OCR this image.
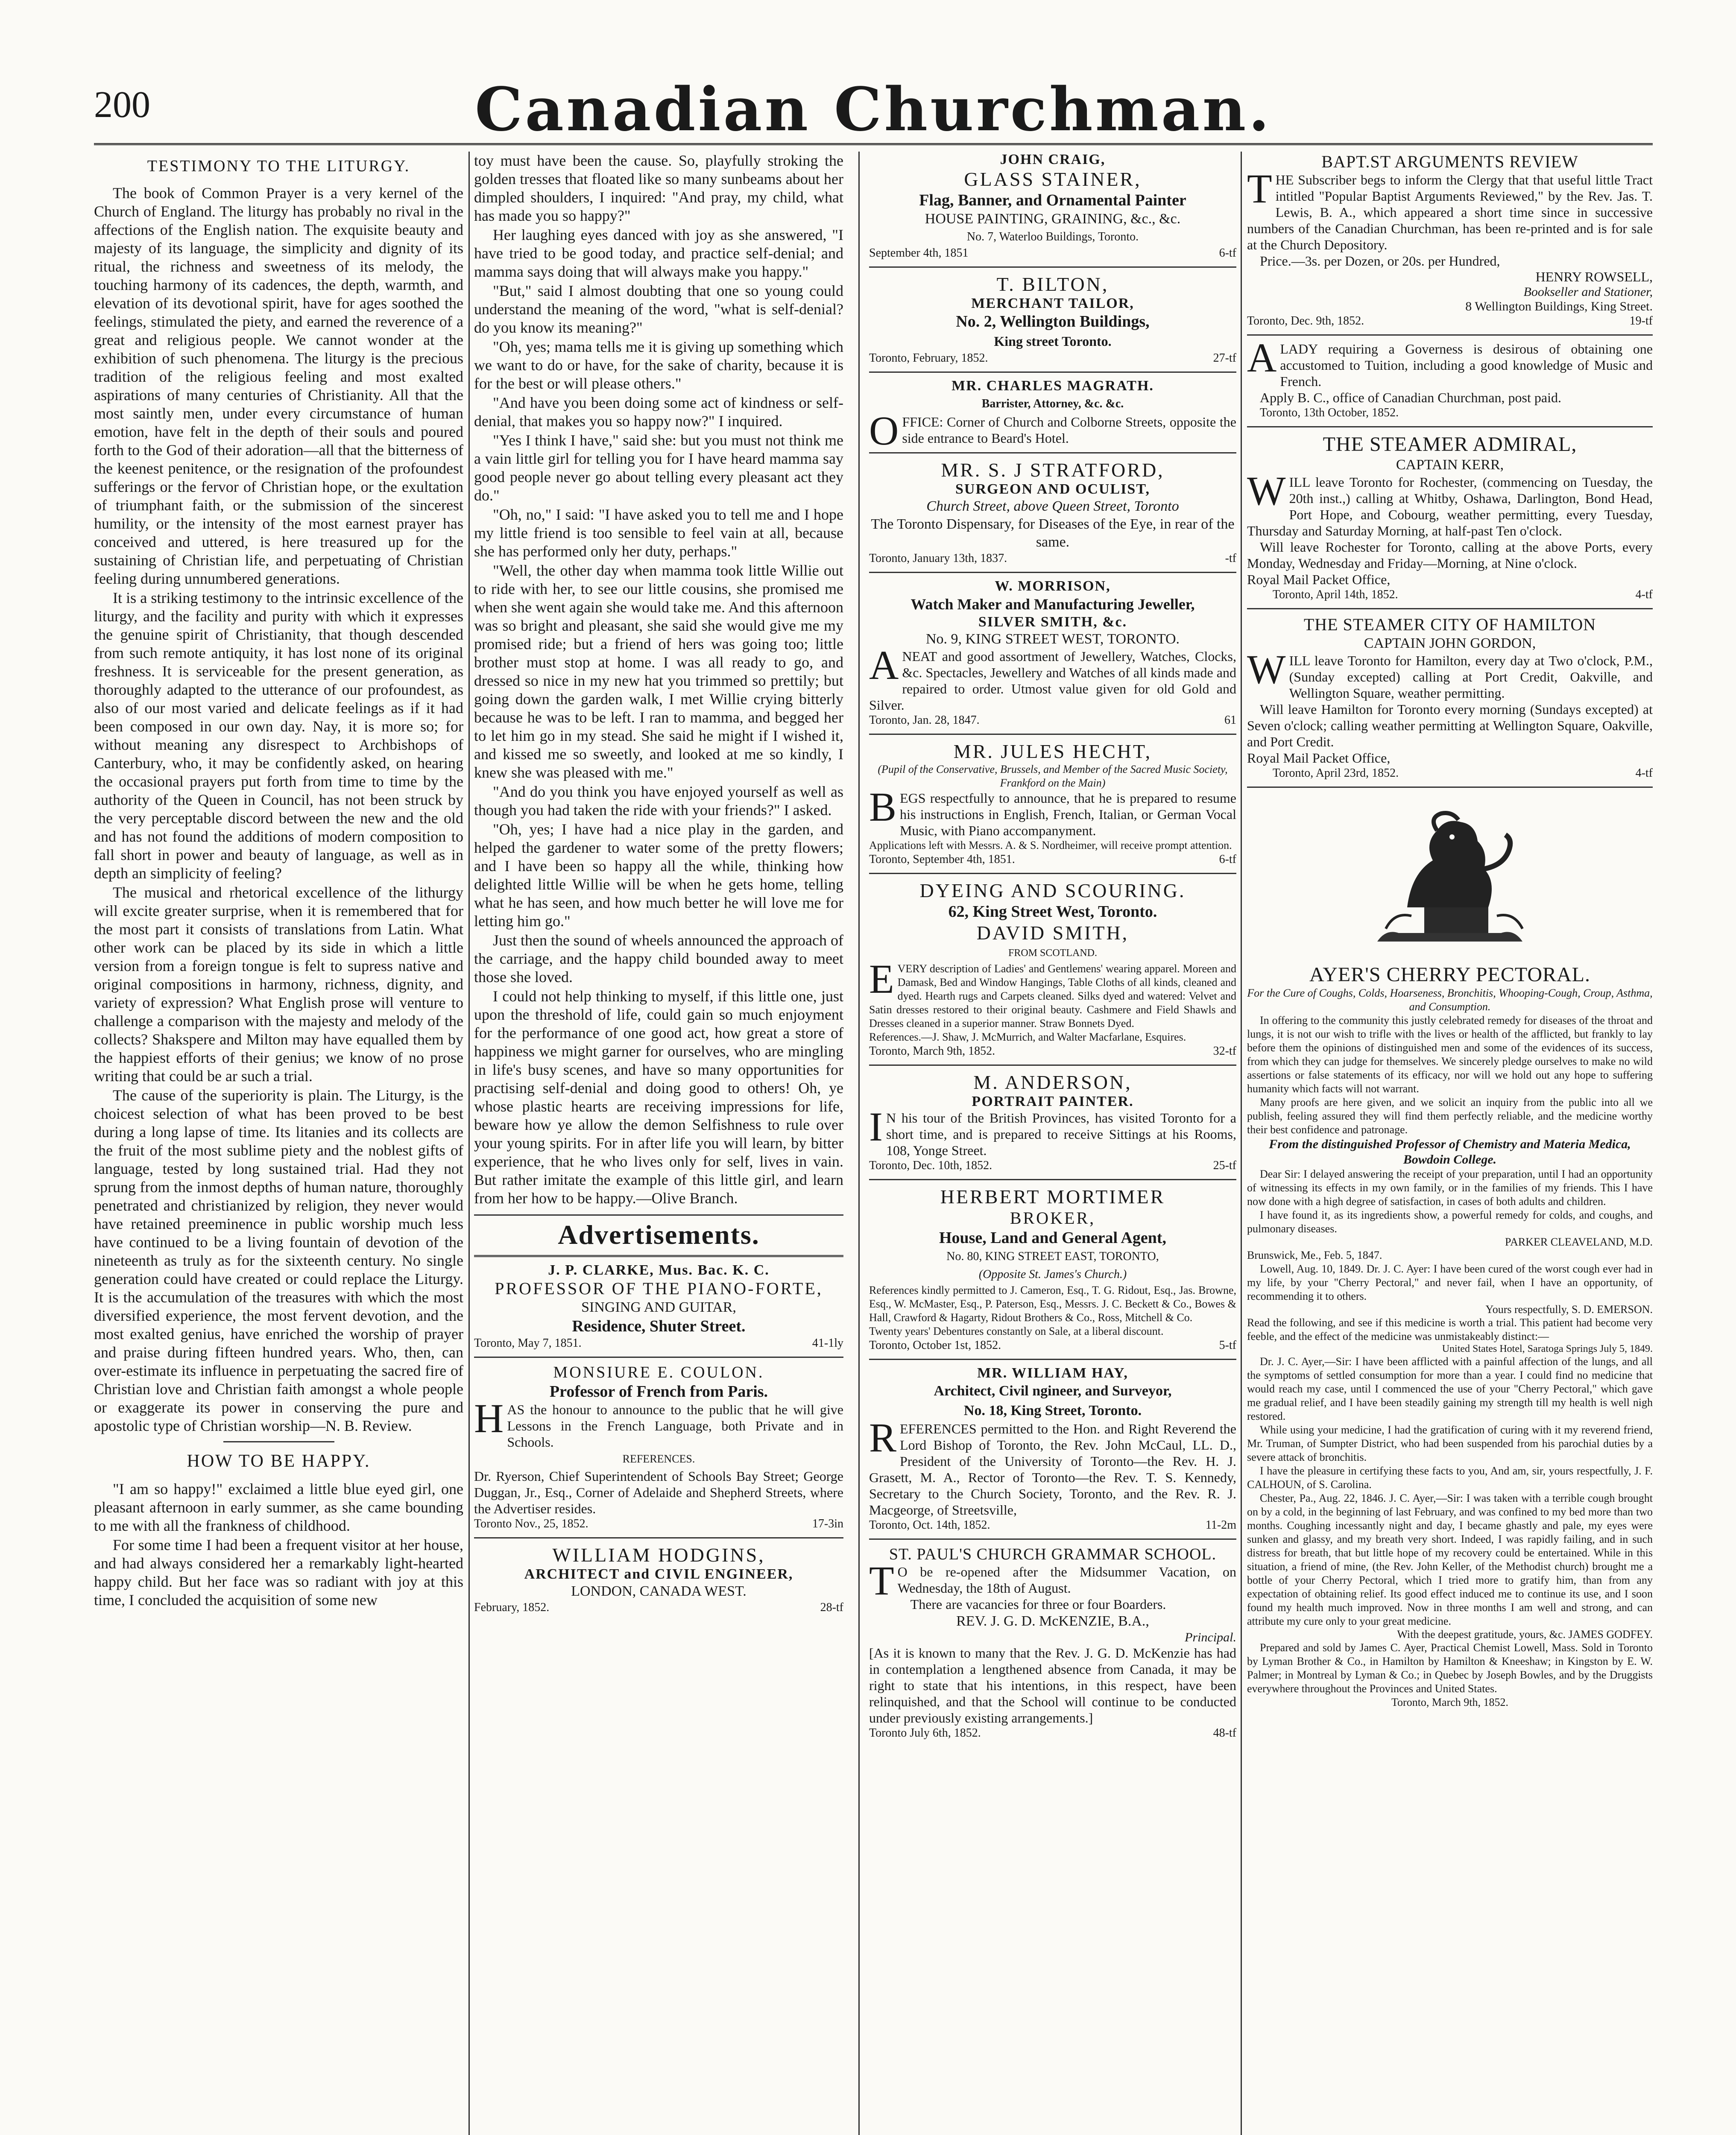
200	Canadian Churchman.
TESTIMONY TO THE LITURGY.

The book of Common Prayer is a very kernel of the Church of England. The liturgy has probably no rival in the affections of the English nation. The exquisite beauty and majesty of its language, the simplicity and dignity of its ritual, the richness and sweetness of its melody, the touching harmony of its cadences, the depth, warmth, and elevation of its devotional spirit, have for ages soothed the feelings, stimulated the piety, and earned the reverence of a great and religious people. We cannot wonder at the exhibition of such phenomena. The liturgy is the precious tradition of the religious feeling and most exalted aspirations of many centuries of Christianity. All that the most saintly men, under every circumstance of human emotion, have felt in the depth of their souls and poured forth to the God of their adoration—all that the bitterness of the keenest penitence, or the resignation of the profoundest sufferings or the fervor of Christian hope, or the exultation of triumphant faith, or the submission of the sincerest humility, or the intensity of the most earnest prayer has conceived and uttered, is here treasured up for the sustaining of Christian life, and perpetuating of Christian feeling during unnumbered generations.

It is a striking testimony to the intrinsic excellence of the liturgy, and the facility and purity with which it expresses the genuine spirit of Christianity, that though descended from such remote antiquity, it has lost none of its original freshness. It is serviceable for the present generation, as thoroughly adapted to the utterance of our profoundest, as also of our most varied and delicate feelings as if it had been composed in our own day. Nay, it is more so; for without meaning any disrespect to Archbishops of Canterbury, who, it may be confidently asked, on hearing the occasional prayers put forth from time to time by the authority of the Queen in Council, has not been struck by the very perceptable discord between the new and the old and has not found the additions of modern composition to fall short in power and beauty of language, as well as in depth an simplicity of feeling?

The musical and rhetorical excellence of the lithurgy will excite greater surprise, when it is remembered that for the most part it consists of translations from Latin. What other work can be placed by its side in which a little version from a foreign tongue is felt to supress native and original compositions in harmony, richness, dignity, and variety of expression? What English prose will venture to challenge a comparison with the majesty and melody of the collects? Shakspere and Milton may have equalled them by the happiest efforts of their genius; we know of no prose writing that could be ar such a trial.

The cause of the superiority is plain. The Liturgy, is the choicest selection of what has been proved to be best during a long lapse of time. Its litanies and its collects are the fruit of the most sublime piety and the noblest gifts of language, tested by long sustained trial. Had they not sprung from the inmost depths of human nature, thoroughly penetrated and christianized by religion, they never would have retained preeminence in public worship much less have continued to be a living fountain of devotion of the nineteenth as truly as for the sixteenth century. No single generation could have created or could replace the Liturgy. It is the accumulation of the treasures with which the most diversified experience, the most fervent devotion, and the most exalted genius, have enriched the worship of prayer and praise during fifteen hundred years. Who, then, can over-estimate its influence in perpetuating the sacred fire of Christian love and Christian faith amongst a whole people or exaggerate its power in conserving the pure and apostolic type of Christian worship—N. B. Review.

HOW TO BE HAPPY.

"I am so happy!" exclaimed a little blue eyed girl, one pleasant afternoon in early summer, as she came bounding to me with all the frankness of childhood.

For some time I had been a frequent visitor at her house, and had always considered her a remarkably light-hearted happy child. But her face was so radiant with joy at this time, I concluded the acquisition of some new

toy must have been the cause. So, playfully stroking the golden tresses that floated like so many sunbeams about her dimpled shoulders, I inquired: "And pray, my child, what has made you so happy?"

Her laughing eyes danced with joy as she answered, "I have tried to be good today, and practice self-denial; and mamma says doing that will always make you happy."

"But," said I almost doubting that one so young could understand the meaning of the word, "what is self-denial? do you know its meaning?"

"Oh, yes; mama tells me it is giving up something which we want to do or have, for the sake of charity, because it is for the best or will please others."

"And have you been doing some act of kindness or self-denial, that makes you so happy now?" I inquired.

"Yes I think I have," said she: but you must not think me a vain little girl for telling you for I have heard mamma say good people never go about telling every pleasant act they do."

"Oh, no," I said: "I have asked you to tell me and I hope my little friend is too sensible to feel vain at all, because she has performed only her duty, perhaps."

"Well, the other day when mamma took little Willie out to ride with her, to see our little cousins, she promised me when she went again she would take me. And this afternoon was so bright and pleasant, she said she would give me my promised ride; but a friend of hers was going too; little brother must stop at home. I was all ready to go, and dressed so nice in my new hat you trimmed so prettily; but going down the garden walk, I met Willie crying bitterly because he was to be left. I ran to mamma, and begged her to let him go in my stead. She said he might if I wished it, and kissed me so sweetly, and looked at me so kindly, I knew she was pleased with me."

"And do you think you have enjoyed yourself as well as though you had taken the ride with your friends?" I asked.

"Oh, yes; I have had a nice play in the garden, and helped the gardener to water some of the pretty flowers; and I have been so happy all the while, thinking how delighted little Willie will be when he gets home, telling what he has seen, and how much better he will love me for letting him go."

Just then the sound of wheels announced the approach of the carriage, and the happy child bounded away to meet those she loved.

I could not help thinking to myself, if this little one, just upon the threshold of life, could gain so much enjoyment for the performance of one good act, how great a store of happiness we might garner for ourselves, who are mingling in life's busy scenes, and have so many opportunities for practising self-denial and doing good to others! Oh, ye whose plastic hearts are receiving impressions for life, beware how ye allow the demon Selfishness to rule over your young spirits. For in after life you will learn, by bitter experience, that he who lives only for self, lives in vain. But rather imitate the example of this little girl, and learn from her how to be happy.—Olive Branch.

Advertisements.
J. P. CLARKE, Mus. Bac. K. C.
PROFESSOR OF THE PIANO-FORTE,
SINGING AND GUITAR,
Residence, Shuter Street.
Toronto, May 7, 1851.	41-1ly
MONSIURE E. COULON.
Professor of French from Paris.
HAS the honour to announce to the public that he will give Lessons in the French Language, both Private and in Schools.
REFERENCES.
Dr. Ryerson, Chief Superintendent of Schools Bay Street; George Duggan, Jr., Esq., Corner of Adelaide and Shepherd Streets, where the Advertiser resides.
Toronto Nov., 25, 1852.	17-3in
WILLIAM HODGINS,
ARCHITECT and CIVIL ENGINEER,
LONDON, CANADA WEST.
February, 1852.	28-tf
JOHN CRAIG,
GLASS STAINER,
Flag, Banner, and Ornamental Painter
HOUSE PAINTING, GRAINING, &c., &c.
No. 7, Waterloo Buildings, Toronto.
September 4th, 1851	6-tf
T. BILTON,
MERCHANT TAILOR,
No. 2, Wellington Buildings,
King street Toronto.
Toronto, February, 1852.	27-tf
MR. CHARLES MAGRATH.
Barrister, Attorney, &c. &c.
OFFICE: Corner of Church and Colborne Streets, opposite the side entrance to Beard's Hotel.
MR. S. J STRATFORD,
SURGEON AND OCULIST,
Church Street, above Queen Street, Toronto
The Toronto Dispensary, for Diseases of the Eye, in rear of the same.
Toronto, January 13th, 1837.	-tf
W. MORRISON,
Watch Maker and Manufacturing Jeweller,
SILVER SMITH, &c.
No. 9, KING STREET WEST, TORONTO.
ANEAT and good assortment of Jewellery, Watches, Clocks, &c. Spectacles, Jewellery and Watches of all kinds made and repaired to order. Utmost value given for old Gold and Silver.
Toronto, Jan. 28, 1847.	61
MR. JULES HECHT,
(Pupil of the Conservative, Brussels, and Member of the Sacred Music Society, Frankford on the Main)
BEGS respectfully to announce, that he is prepared to resume his instructions in English, French, Italian, or German Vocal Music, with Piano accompanyment.
Applications left with Messrs. A. & S. Nordheimer, will receive prompt attention.
Toronto, September 4th, 1851.	6-tf
DYEING AND SCOURING.
62, King Street West, Toronto.
DAVID SMITH,
FROM SCOTLAND.
EVERY description of Ladies' and Gentlemens' wearing apparel. Moreen and Damask, Bed and Window Hangings, Table Cloths of all kinds, cleaned and dyed. Hearth rugs and Carpets cleaned. Silks dyed and watered: Velvet and Satin dresses restored to their original beauty. Cashmere and Field Shawls and Dresses cleaned in a superior manner. Straw Bonnets Dyed.
References.—J. Shaw, J. McMurrich, and Walter Macfarlane, Esquires.
Toronto, March 9th, 1852.	32-tf
M. ANDERSON,
PORTRAIT PAINTER.
IN his tour of the British Provinces, has visited Toronto for a short time, and is prepared to receive Sittings at his Rooms, 108, Yonge Street.
Toronto, Dec. 10th, 1852.	25-tf
HERBERT MORTIMER
BROKER,
House, Land and General Agent,
No. 80, KING STREET EAST, TORONTO,
(Opposite St. James's Church.)
References kindly permitted to J. Cameron, Esq., T. G. Ridout, Esq., Jas. Browne, Esq., W. McMaster, Esq., P. Paterson, Esq., Messrs. J. C. Beckett & Co., Bowes & Hall, Crawford & Hagarty, Ridout Brothers & Co., Ross, Mitchell & Co.
Twenty years' Debentures constantly on Sale, at a liberal discount.
Toronto, October 1st, 1852.	5-tf
MR. WILLIAM HAY,
Architect, Civil ngineer, and Surveyor,
No. 18, King Street, Toronto.
REFERENCES permitted to the Hon. and Right Reverend the Lord Bishop of Toronto, the Rev. John McCaul, LL. D., President of the University of Toronto—the Rev. H. J. Grasett, M. A., Rector of Toronto—the Rev. T. S. Kennedy, Secretary to the Church Society, Toronto, and the Rev. R. J. Macgeorge, of Streetsville,
Toronto, Oct. 14th, 1852.	11-2m
ST. PAUL'S CHURCH GRAMMAR SCHOOL.
TO be re-opened after the Midsummer Vacation, on Wednesday, the 18th of August.
There are vacancies for three or four Boarders.
REV. J. G. D. McKENZIE, B.A.,
Principal.
[As it is known to many that the Rev. J. G. D. McKenzie has had in contemplation a lengthened absence from Canada, it may be right to state that his intentions, in this respect, have been relinquished, and that the School will continue to be conducted under previously existing arrangements.]
Toronto July 6th, 1852.	48-tf
BAPT.ST ARGUMENTS REVIEW
THE Subscriber begs to inform the Clergy that that useful little Tract intitled "Popular Baptist Arguments Reviewed," by the Rev. Jas. T. Lewis, B. A., which appeared a short time since in successive numbers of the Canadian Churchman, has been re-printed and is for sale at the Church Depository.
Price.—3s. per Dozen, or 20s. per Hundred,
HENRY ROWSELL,
Bookseller and Stationer,
8 Wellington Buildings, King Street.
Toronto, Dec. 9th, 1852.	19-tf
ALADY requiring a Governess is desirous of obtaining one accustomed to Tuition, including a good knowledge of Music and French.
Apply B. C., office of Canadian Churchman, post paid.
Toronto, 13th October, 1852.
THE STEAMER ADMIRAL,
CAPTAIN KERR,
WILL leave Toronto for Rochester, (commencing on Tuesday, the 20th inst.,) calling at Whitby, Oshawa, Darlington, Bond Head, Port Hope, and Cobourg, weather permitting, every Tuesday, Thursday and Saturday Morning, at half-past Ten o'clock.
Will leave Rochester for Toronto, calling at the above Ports, every Monday, Wednesday and Friday—Morning, at Nine o'clock.
Royal Mail Packet Office,
Toronto, April 14th, 1852.	4-tf
THE STEAMER CITY OF HAMILTON
CAPTAIN JOHN GORDON,
WILL leave Toronto for Hamilton, every day at Two o'clock, P.M., (Sunday excepted) calling at Port Credit, Oakville, and Wellington Square, weather permitting.
Will leave Hamilton for Toronto every morning (Sundays excepted) at Seven o'clock; calling weather permitting at Wellington Square, Oakville, and Port Credit.
Royal Mail Packet Office,
Toronto, April 23rd, 1852.	4-tf
AYER'S CHERRY PECTORAL.
For the Cure of Coughs, Colds, Hoarseness, Bronchitis, Whooping-Cough, Croup, Asthma, and Consumption.
In offering to the community this justly celebrated remedy for diseases of the throat and lungs, it is not our wish to trifle with the lives or health of the afflicted, but frankly to lay before them the opinions of distinguished men and some of the evidences of its success, from which they can judge for themselves. We sincerely pledge ourselves to make no wild assertions or false statements of its efficacy, nor will we hold out any hope to suffering humanity which facts will not warrant.
Many proofs are here given, and we solicit an inquiry from the public into all we publish, feeling assured they will find them perfectly reliable, and the medicine worthy their best confidence and patronage.
From the distinguished Professor of Chemistry and Materia Medica, Bowdoin College.
Dear Sir: I delayed answering the receipt of your preparation, until I had an opportunity of witnessing its effects in my own family, or in the families of my friends. This I have now done with a high degree of satisfaction, in cases of both adults and children.
I have found it, as its ingredients show, a powerful remedy for colds, and coughs, and pulmonary diseases.
PARKER CLEAVELAND, M.D.
Brunswick, Me., Feb. 5, 1847.
Lowell, Aug. 10, 1849. Dr. J. C. Ayer: I have been cured of the worst cough ever had in my life, by your "Cherry Pectoral," and never fail, when I have an opportunity, of recommending it to others.
Yours respectfully, S. D. EMERSON.
Read the following, and see if this medicine is worth a trial. This patient had become very feeble, and the effect of the medicine was unmistakeably distinct:—
United States Hotel, Saratoga Springs July 5, 1849.
Dr. J. C. Ayer,—Sir: I have been afflicted with a painful affection of the lungs, and all the symptoms of settled consumption for more than a year. I could find no medicine that would reach my case, until I commenced the use of your "Cherry Pectoral," which gave me gradual relief, and I have been steadily gaining my strength till my health is well nigh restored.
While using your medicine, I had the gratification of curing with it my reverend friend, Mr. Truman, of Sumpter District, who had been suspended from his parochial duties by a severe attack of bronchitis.
I have the pleasure in certifying these facts to you, And am, sir, yours respectfully, J. F. CALHOUN, of S. Carolina.
Chester, Pa., Aug. 22, 1846. J. C. Ayer,—Sir: I was taken with a terrible cough brought on by a cold, in the beginning of last February, and was confined to my bed more than two months. Coughing incessantly night and day, I became ghastly and pale, my eyes were sunken and glassy, and my breath very short. Indeed, I was rapidly failing, and in such distress for breath, that but little hope of my recovery could be entertained. While in this situation, a friend of mine, (the Rev. John Keller, of the Methodist church) brought me a bottle of your Cherry Pectoral, which I tried more to gratify him, than from any expectation of obtaining relief. Its good effect induced me to continue its use, and I soon found my health much improved. Now in three months I am well and strong, and can attribute my cure only to your great medicine.
With the deepest gratitude, yours, &c. JAMES GODFEY.
Prepared and sold by James C. Ayer, Practical Chemist Lowell, Mass. Sold in Toronto by Lyman Brother & Co., in Hamilton by Hamilton & Kneeshaw; in Kingston by E. W. Palmer; in Montreal by Lyman & Co.; in Quebec by Joseph Bowles, and by the Druggists everywhere throughout the Provinces and United States.
Toronto, March 9th, 1852.
